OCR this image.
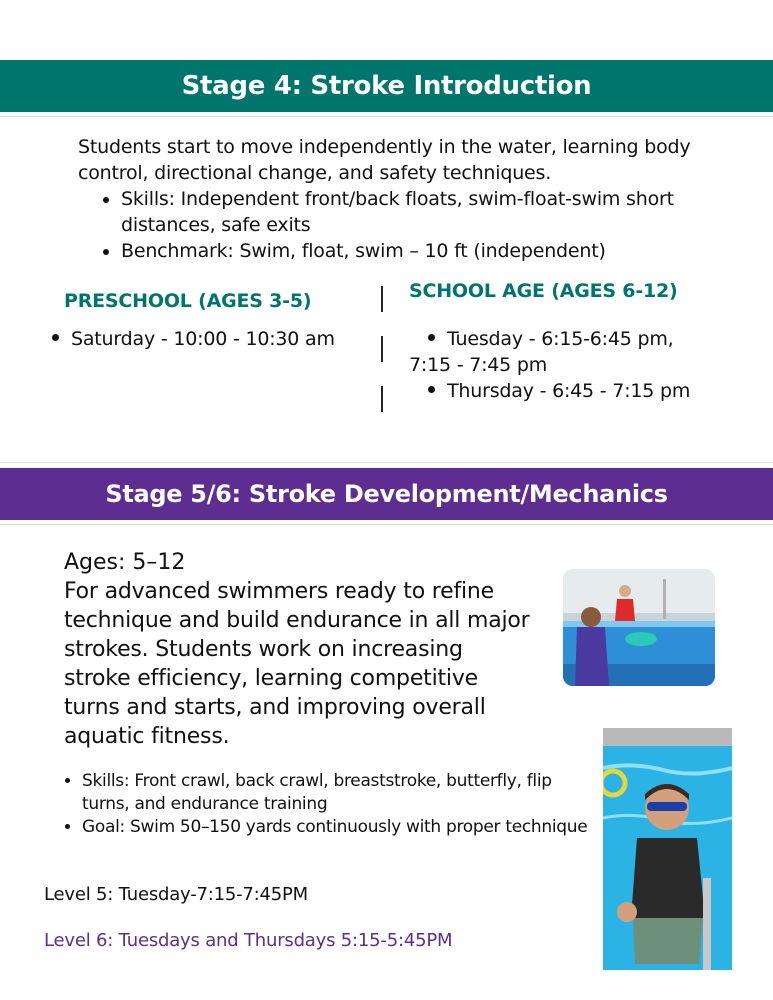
Stage 4: Stroke Introduction

Students start to move independently in the water, learning body control, directional change, and safety techniques.

• Skills: Independent front/back floats, swim-float-swim short distances, safe exits
• Benchmark: Swim, float, swim – 10 ft (independent)
PRESCHOOL (AGES 3-5)	SCHOOL AGE (AGES 6-12)
Saturday - 10:00 - 10:30 am	Tuesday - 6:15-6:45 pm,
7:15 - 7:45 pm
Thursday - 6:45 - 7:15 pm
Stage 5/6: Stroke Development/Mechanics
Ages: 5–12
For advanced swimmers ready to refine technique and build endurance in all major strokes. Students work on increasing stroke efficiency, learning competitive turns and starts, and improving overall aquatic fitness.
• Skills: Front crawl, back crawl, breaststroke, butterfly, flip turns, and endurance training
• Goal: Swim 50–150 yards continuously with proper technique
Level 5: Tuesday-7:15-7:45PM
Level 6: Tuesdays and Thursdays 5:15-5:45PM
